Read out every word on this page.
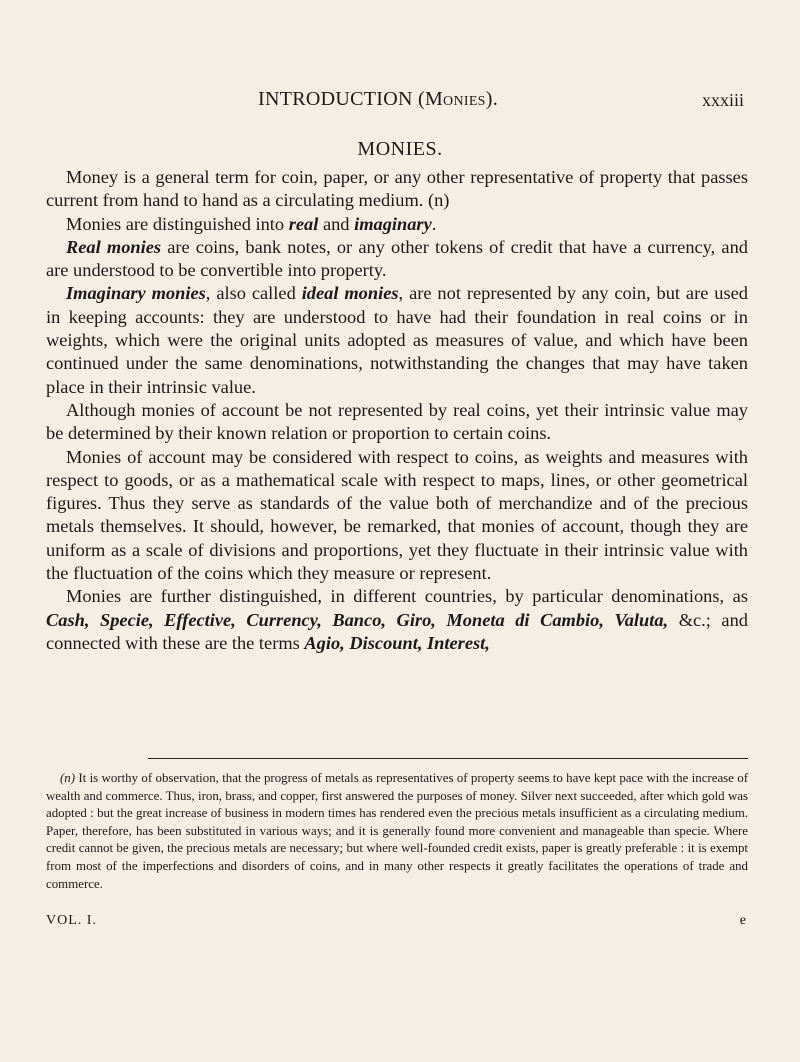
INTRODUCTION (Monies).	xxxiii
MONIES.

Money is a general term for coin, paper, or any other representative of property that passes current from hand to hand as a circulating medium. (n)

Monies are distinguished into real and imaginary.

Real monies are coins, bank notes, or any other tokens of credit that have a currency, and are understood to be convertible into property.

Imaginary monies, also called ideal monies, are not represented by any coin, but are used in keeping accounts: they are understood to have had their foundation in real coins or in weights, which were the original units adopted as measures of value, and which have been continued under the same denominations, notwithstanding the changes that may have taken place in their intrinsic value.

Although monies of account be not represented by real coins, yet their intrinsic value may be determined by their known relation or proportion to certain coins.

Monies of account may be considered with respect to coins, as weights and measures with respect to goods, or as a mathematical scale with respect to maps, lines, or other geometrical figures. Thus they serve as standards of the value both of merchandize and of the precious metals themselves. It should, however, be remarked, that monies of account, though they are uniform as a scale of divisions and proportions, yet they fluctuate in their intrinsic value with the fluctuation of the coins which they measure or represent.

Monies are further distinguished, in different countries, by particular denominations, as Cash, Specie, Effective, Currency, Banco, Giro, Moneta di Cambio, Valuta, &c.; and connected with these are the terms Agio, Discount, Interest,

(n) It is worthy of observation, that the progress of metals as representatives of property seems to have kept pace with the increase of wealth and commerce. Thus, iron, brass, and copper, first answered the purposes of money. Silver next succeeded, after which gold was adopted : but the great increase of business in modern times has rendered even the precious metals insufficient as a circulating medium. Paper, therefore, has been substituted in various ways; and it is generally found more convenient and manageable than specie. Where credit cannot be given, the precious metals are necessary; but where well-founded credit exists, paper is greatly preferable : it is exempt from most of the imperfections and disorders of coins, and in many other respects it greatly facilitates the operations of trade and commerce.
VOL. I.	e
